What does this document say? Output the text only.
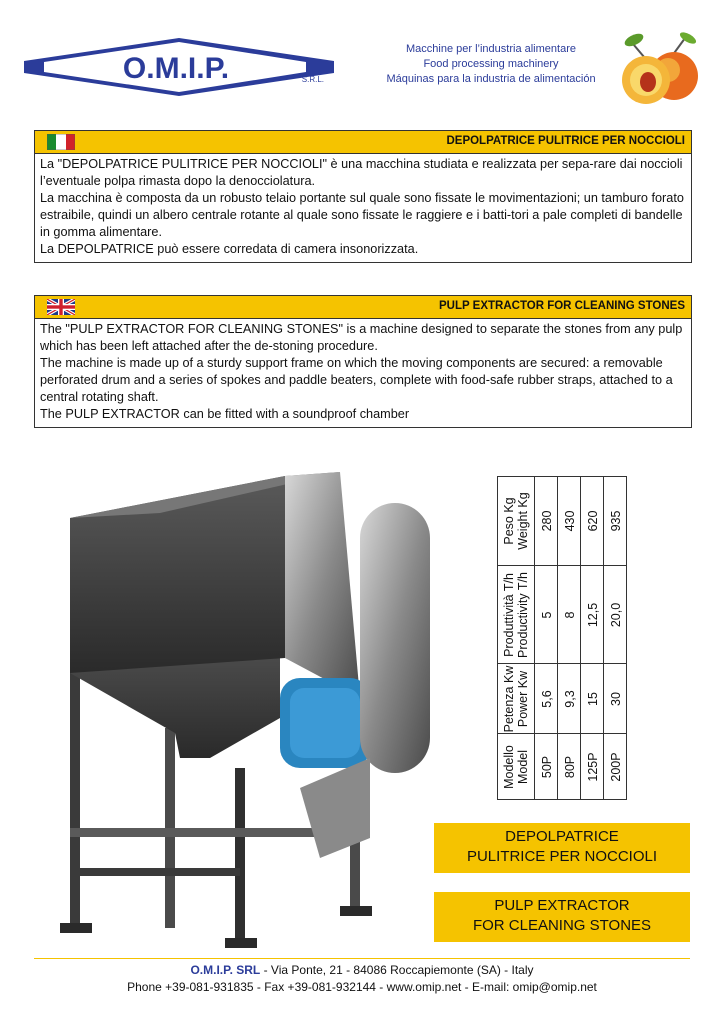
O.M.I.P.	S.R.L.
Macchine per l’industria alimentare
Food processing machinery
Máquinas para la industria de alimentación
DEPOLPATRICE PULITRICE PER NOCCIOLI

La "DEPOLPATRICE PULITRICE PER NOCCIOLI" è una macchina studiata e realizzata per sepa-rare dai noccioli l’eventuale polpa rimasta dopo la denocciolatura.

La macchina è composta da un robusto telaio portante sul quale sono fissate le movimentazioni; un tamburo forato estraibile, quindi un albero centrale rotante al quale sono fissate le raggiere e i batti-tori a pale completi di bandelle in gomma alimentare.

La DEPOLPATRICE può essere corredata di camera insonorizzata.

PULP EXTRACTOR FOR CLEANING STONES

The "PULP EXTRACTOR FOR CLEANING STONES" is a machine designed to separate the stones from any pulp which has been left attached after the de-stoning procedure.

The machine is made up of a sturdy support frame on which the moving components are secured: a removable perforated drum and a series of spokes and paddle beaters, complete with food-safe rubber straps, attached to a central rotating shaft.

The PULP EXTRACTOR can be fitted with a soundproof chamber

Peso Kg Weight Kg
Produttività T/h Productivity T/h
Petenza Kw Power Kw
Modello Model
280
5
5,6
50P
430
8
9,3
80P
620
12,5
15
125P
935
20,0
30
200P
DEPOLPATRICE
PULITRICE PER NOCCIOLI
PULP EXTRACTOR
FOR CLEANING STONES
O.M.I.P. SRL - Via Ponte, 21 - 84086 Roccapiemonte (SA) - Italy
Phone +39-081-931835 - Fax +39-081-932144 - www.omip.net - E-mail: omip@omip.net
